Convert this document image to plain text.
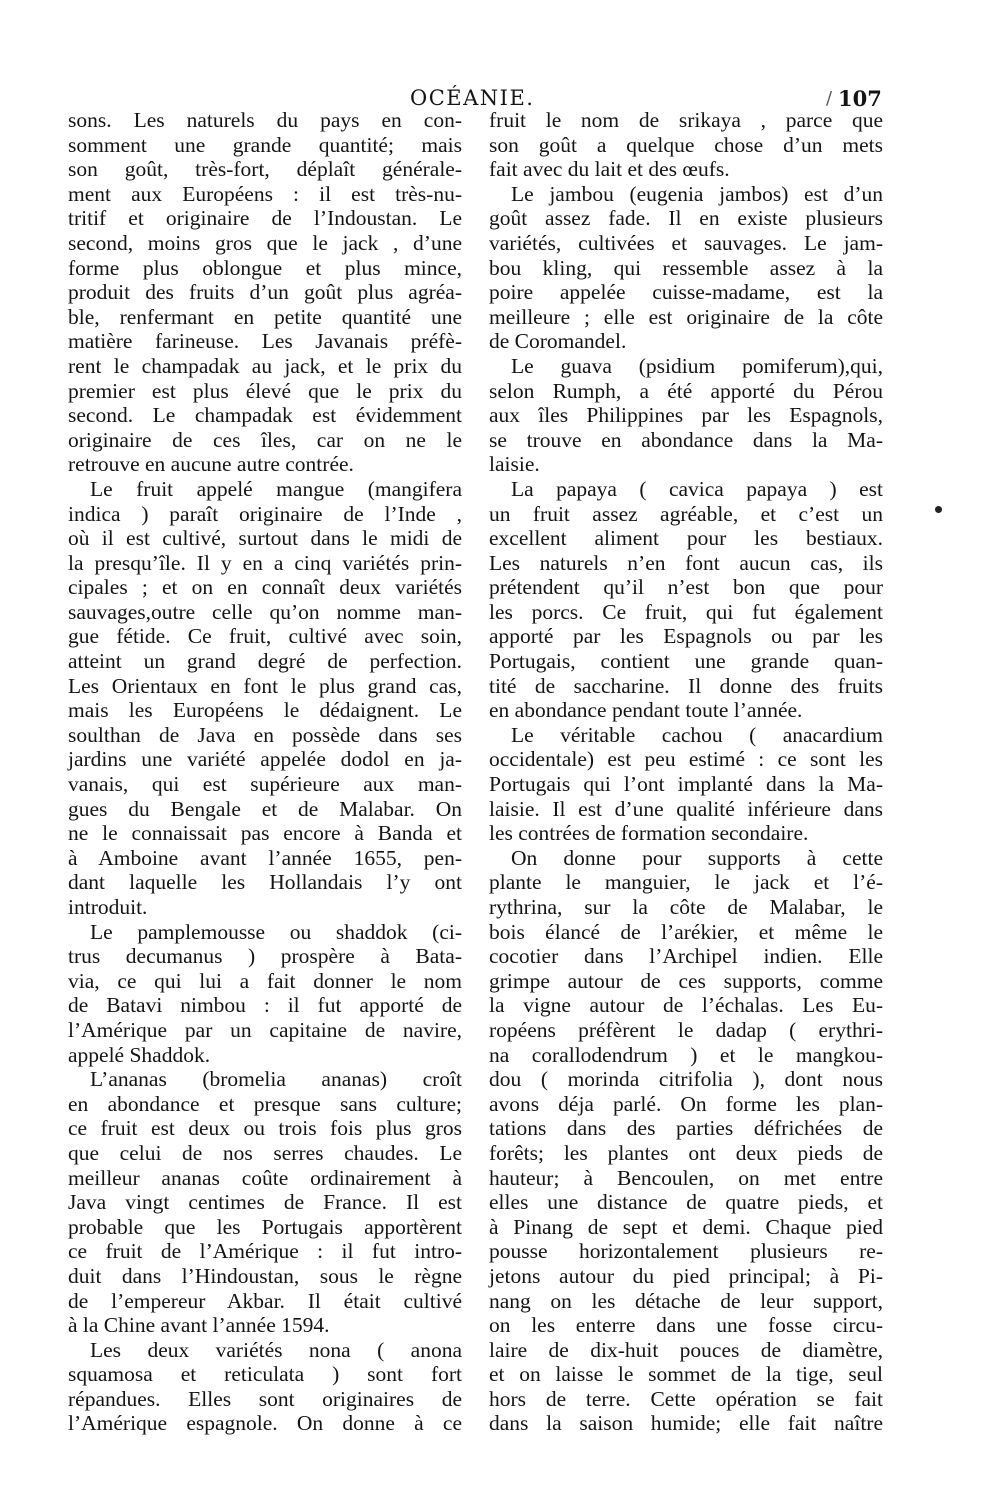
OCÉANIE.	/ 107
sons. Les naturels du pays en con-
somment une grande quantité; mais
son goût, très-fort, déplaît générale-
ment aux Européens : il est très-nu-
tritif et originaire de l’Indoustan. Le
second, moins gros que le jack , d’une
forme plus oblongue et plus mince,
produit des fruits d’un goût plus agréa-
ble, renfermant en petite quantité une
matière farineuse. Les Javanais préfè-
rent le champadak au jack, et le prix du
premier est plus élevé que le prix du
second. Le champadak est évidemment
originaire de ces îles, car on ne le
retrouve en aucune autre contrée.
Le fruit appelé mangue (mangifera
indica ) paraît originaire de l’Inde ,
où il est cultivé, surtout dans le midi de
la presqu’île. Il y en a cinq variétés prin-
cipales ; et on en connaît deux variétés
sauvages,outre celle qu’on nomme man-
gue fétide. Ce fruit, cultivé avec soin,
atteint un grand degré de perfection.
Les Orientaux en font le plus grand cas,
mais les Européens le dédaignent. Le
soulthan de Java en possède dans ses
jardins une variété appelée dodol en ja-
vanais, qui est supérieure aux man-
gues du Bengale et de Malabar. On
ne le connaissait pas encore à Banda et
à Amboine avant l’année 1655, pen-
dant laquelle les Hollandais l’y ont
introduit.
Le pamplemousse ou shaddok (ci-
trus decumanus ) prospère à Bata-
via, ce qui lui a fait donner le nom
de Batavi nimbou : il fut apporté de
l’Amérique par un capitaine de navire,
appelé Shaddok.
L’ananas (bromelia ananas) croît
en abondance et presque sans culture;
ce fruit est deux ou trois fois plus gros
que celui de nos serres chaudes. Le
meilleur ananas coûte ordinairement à
Java vingt centimes de France. Il est
probable que les Portugais apportèrent
ce fruit de l’Amérique : il fut intro-
duit dans l’Hindoustan, sous le règne
de l’empereur Akbar. Il était cultivé
à la Chine avant l’année 1594.
Les deux variétés nona ( anona
squamosa et reticulata ) sont fort
répandues. Elles sont originaires de
l’Amérique espagnole. On donne à ce
fruit le nom de srikaya , parce que
son goût a quelque chose d’un mets
fait avec du lait et des œufs.
Le jambou (eugenia jambos) est d’un
goût assez fade. Il en existe plusieurs
variétés, cultivées et sauvages. Le jam-
bou kling, qui ressemble assez à la
poire appelée cuisse-madame, est la
meilleure ; elle est originaire de la côte
de Coromandel.
Le guava (psidium pomiferum),qui,
selon Rumph, a été apporté du Pérou
aux îles Philippines par les Espagnols,
se trouve en abondance dans la Ma-
laisie.
La papaya ( cavica papaya ) est
un fruit assez agréable, et c’est un
excellent aliment pour les bestiaux.
Les naturels n’en font aucun cas, ils
prétendent qu’il n’est bon que pour
les porcs. Ce fruit, qui fut également
apporté par les Espagnols ou par les
Portugais, contient une grande quan-
tité de saccharine. Il donne des fruits
en abondance pendant toute l’année.
Le véritable cachou ( anacardium
occidentale) est peu estimé : ce sont les
Portugais qui l’ont implanté dans la Ma-
laisie. Il est d’une qualité inférieure dans
les contrées de formation secondaire.
On donne pour supports à cette
plante le manguier, le jack et l’é-
rythrina, sur la côte de Malabar, le
bois élancé de l’arékier, et même le
cocotier dans l’Archipel indien. Elle
grimpe autour de ces supports, comme
la vigne autour de l’échalas. Les Eu-
ropéens préfèrent le dadap ( erythri-
na corallodendrum ) et le mangkou-
dou ( morinda citrifolia ), dont nous
avons déja parlé. On forme les plan-
tations dans des parties défrichées de
forêts; les plantes ont deux pieds de
hauteur; à Bencoulen, on met entre
elles une distance de quatre pieds, et
à Pinang de sept et demi. Chaque pied
pousse horizontalement plusieurs re-
jetons autour du pied principal; à Pi-
nang on les détache de leur support,
on les enterre dans une fosse circu-
laire de dix-huit pouces de diamètre,
et on laisse le sommet de la tige, seul
hors de terre. Cette opération se fait
dans la saison humide; elle fait naître
